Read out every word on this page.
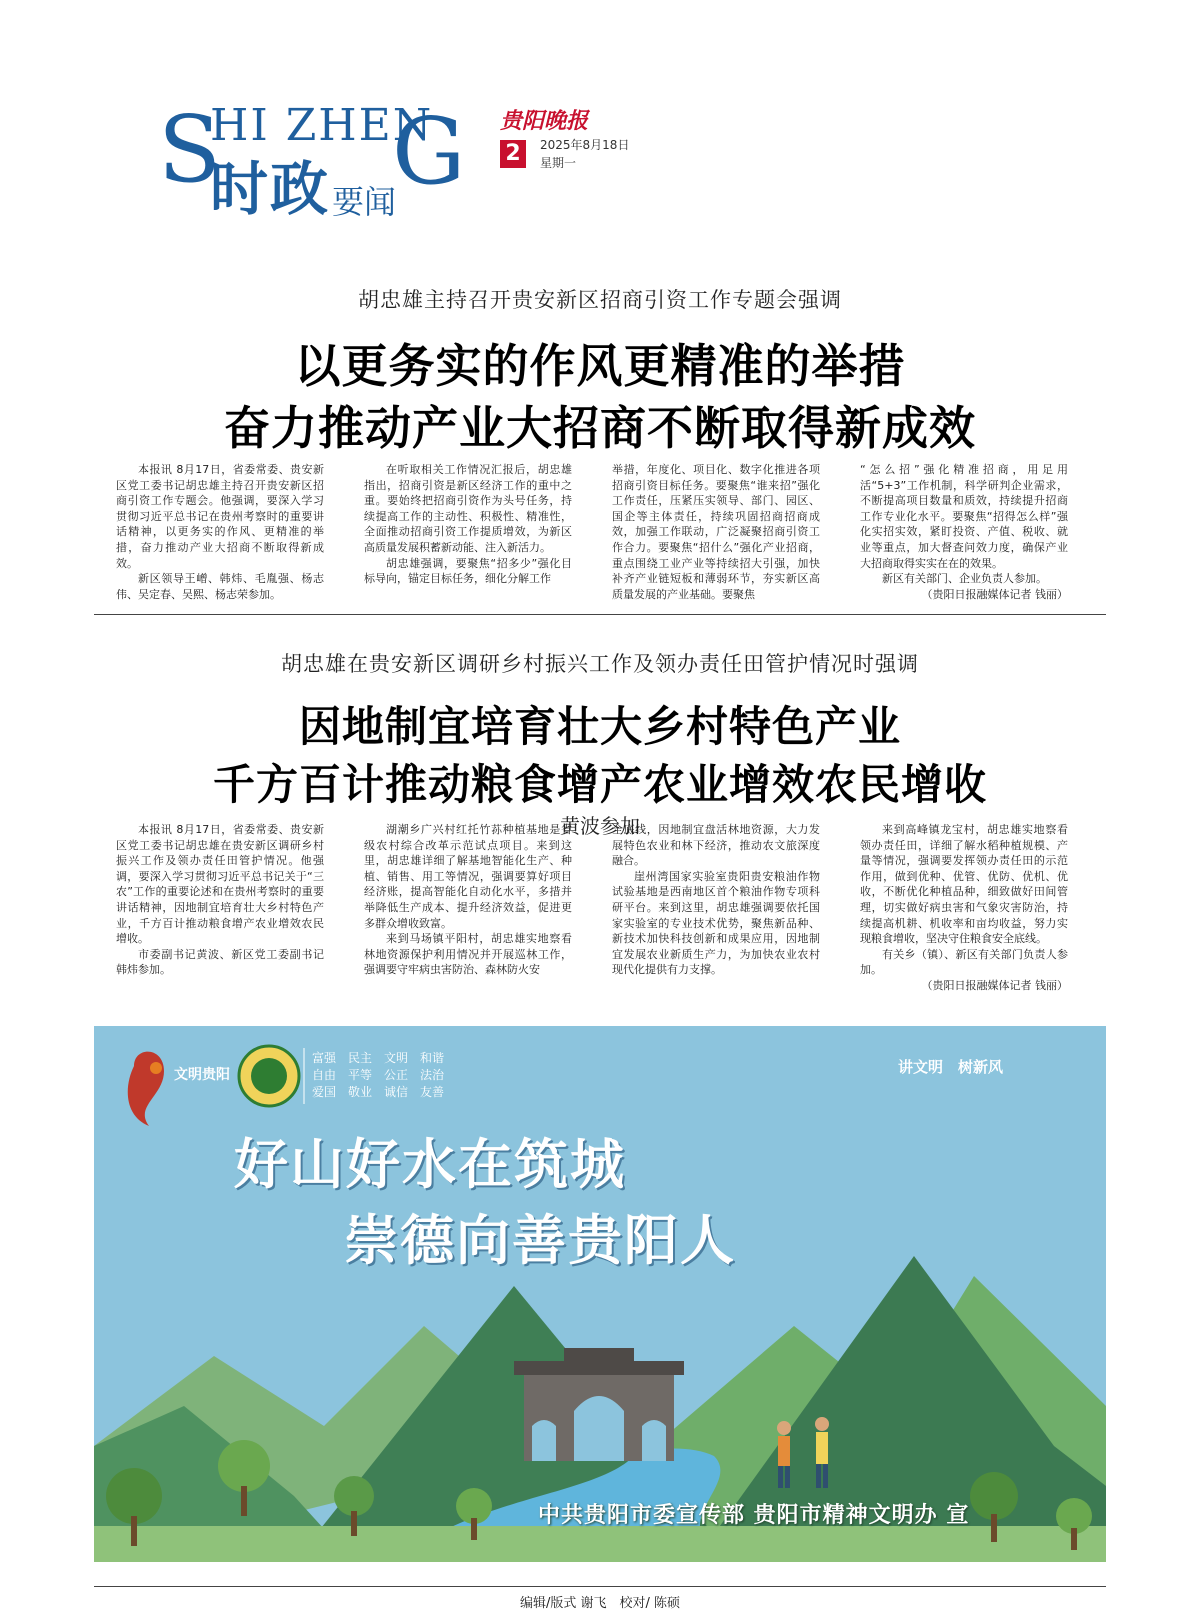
S
HI ZHEN
G
时政 要闻
贵阳晚报
2	2025年8月18日
星期一
胡忠雄主持召开贵安新区招商引资工作专题会强调
以更务实的作风更精准的举措
奋力推动产业大招商不断取得新成效

本报讯 8月17日，省委常委、贵安新区党工委书记胡忠雄主持召开贵安新区招商引资工作专题会。他强调，要深入学习贯彻习近平总书记在贵州考察时的重要讲话精神，以更务实的作风、更精准的举措，奋力推动产业大招商不断取得新成效。

新区领导王嶒、韩炜、毛胤强、杨志伟、吴定春、吴熙、杨志荣参加。

在听取相关工作情况汇报后，胡忠雄指出，招商引资是新区经济工作的重中之重。要始终把招商引资作为头号任务，持续提高工作的主动性、积极性、精准性，全面推动招商引资工作提质增效，为新区高质量发展积蓄新动能、注入新活力。

胡忠雄强调，要聚焦“招多少”强化目标导向，锚定目标任务，细化分解工作

举措，年度化、项目化、数字化推进各项招商引资目标任务。要聚焦“谁来招”强化工作责任，压紧压实领导、部门、园区、国企等主体责任，持续巩固招商招商成效，加强工作联动，广泛凝聚招商引资工作合力。要聚焦“招什么”强化产业招商，重点围绕工业产业等持续招大引强，加快补齐产业链短板和薄弱环节，夯实新区高质量发展的产业基础。要聚焦

“怎么招”强化精准招商，用足用活“5+3”工作机制，科学研判企业需求，不断提高项目数量和质效，持续提升招商工作专业化水平。要聚焦“招得怎么样”强化实招实效，紧盯投资、产值、税收、就业等重点，加大督查问效力度，确保产业大招商取得实实在在的效果。

新区有关部门、企业负责人参加。

（贵阳日报融媒体记者 钱丽）
胡忠雄在贵安新区调研乡村振兴工作及领办责任田管护情况时强调
因地制宜培育壮大乡村特色产业
千方百计推动粮食增产农业增效农民增收
黄波参加

本报讯 8月17日，省委常委、贵安新区党工委书记胡忠雄在贵安新区调研乡村振兴工作及领办责任田管护情况。他强调，要深入学习贯彻习近平总书记关于“三农”工作的重要论述和在贵州考察时的重要讲话精神，因地制宜培育壮大乡村特色产业，千方百计推动粮食增产农业增效农民增收。

市委副书记黄波、新区党工委副书记韩炜参加。

湖潮乡广兴村红托竹荪种植基地是省级农村综合改革示范试点项目。来到这里，胡忠雄详细了解基地智能化生产、种植、销售、用工等情况，强调要算好项目经济账，提高智能化自动化水平，多措并举降低生产成本、提升经济效益，促进更多群众增收致富。

来到马场镇平阳村，胡忠雄实地察看林地资源保护利用情况并开展巡林工作，强调要守牢病虫害防治、森林防火安

全底线，因地制宜盘活林地资源，大力发展特色农业和林下经济，推动农文旅深度融合。

崖州湾国家实验室贵阳贵安粮油作物试验基地是西南地区首个粮油作物专项科研平台。来到这里，胡忠雄强调要依托国家实验室的专业技术优势，聚焦新品种、新技术加快科技创新和成果应用，因地制宜发展农业新质生产力，为加快农业农村现代化提供有力支撑。

来到高峰镇龙宝村，胡忠雄实地察看领办责任田，详细了解水稻种植规模、产量等情况，强调要发挥领办责任田的示范作用，做到优种、优管、优防、优机、优收，不断优化种植品种，细致做好田间管理，切实做好病虫害和气象灾害防治，持续提高机耕、机收率和亩均收益，努力实现粮食增收，坚决守住粮食安全底线。

有关乡（镇）、新区有关部门负责人参加。

（贵阳日报融媒体记者 钱丽）
文明贵阳
富强　民主　文明　和谐
自由　平等　公正　法治
爱国　敬业　诚信　友善
讲文明　树新风
好山好水在筑城
崇德向善贵阳人
中共贵阳市委宣传部 贵阳市精神文明办 宣
编辑/版式 谢飞　校对/ 陈硕
